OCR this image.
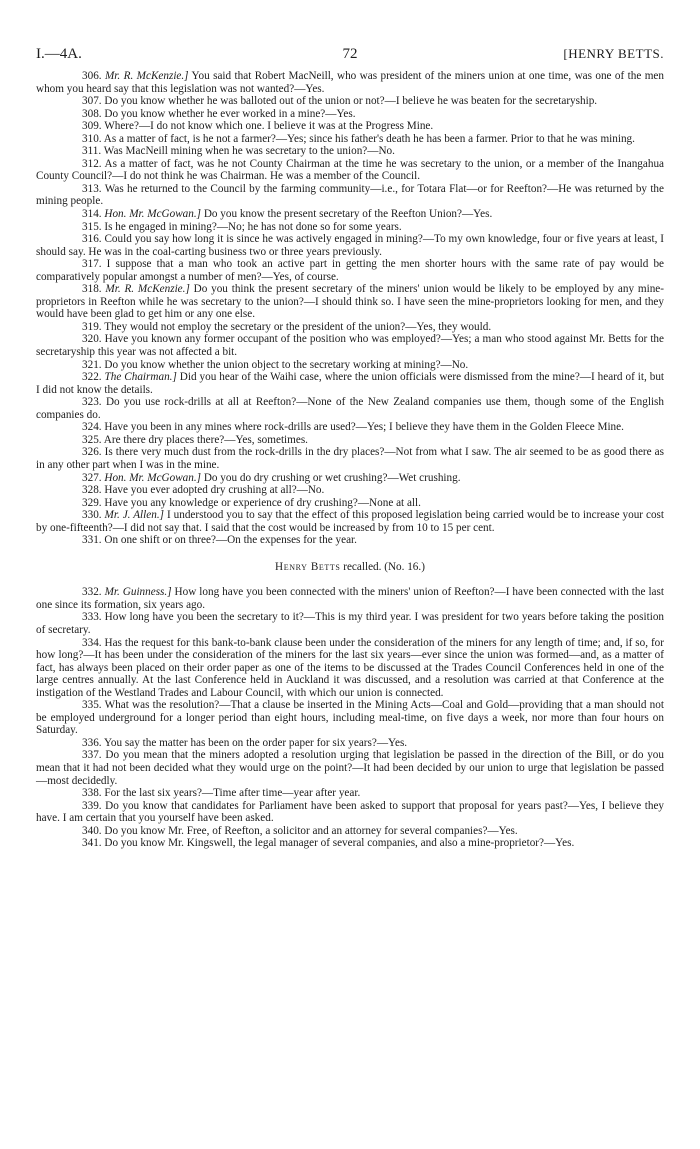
I.—4A.	72	[HENRY BETTS.

306. Mr. R. McKenzie.] You said that Robert MacNeill, who was president of the miners union at one time, was one of the men whom you heard say that this legislation was not wanted?—Yes.

307. Do you know whether he was balloted out of the union or not?—I believe he was beaten for the secretaryship.

308. Do you know whether he ever worked in a mine?—Yes.

309. Where?—I do not know which one. I believe it was at the Progress Mine.

310. As a matter of fact, is he not a farmer?—Yes; since his father's death he has been a farmer. Prior to that he was mining.

311. Was MacNeill mining when he was secretary to the union?—No.

312. As a matter of fact, was he not County Chairman at the time he was secretary to the union, or a member of the Inangahua County Council?—I do not think he was Chairman. He was a member of the Council.

313. Was he returned to the Council by the farming community—i.e., for Totara Flat—or for Reefton?—He was returned by the mining people.

314. Hon. Mr. McGowan.] Do you know the present secretary of the Reefton Union?—Yes.

315. Is he engaged in mining?—No; he has not done so for some years.

316. Could you say how long it is since he was actively engaged in mining?—To my own knowledge, four or five years at least, I should say. He was in the coal-carting business two or three years previously.

317. I suppose that a man who took an active part in getting the men shorter hours with the same rate of pay would be comparatively popular amongst a number of men?—Yes, of course.

318. Mr. R. McKenzie.] Do you think the present secretary of the miners' union would be likely to be employed by any mine-proprietors in Reefton while he was secretary to the union?—I should think so. I have seen the mine-proprietors looking for men, and they would have been glad to get him or any one else.

319. They would not employ the secretary or the president of the union?—Yes, they would.

320. Have you known any former occupant of the position who was employed?—Yes; a man who stood against Mr. Betts for the secretaryship this year was not affected a bit.

321. Do you know whether the union object to the secretary working at mining?—No.

322. The Chairman.] Did you hear of the Waihi case, where the union officials were dismissed from the mine?—I heard of it, but I did not know the details.

323. Do you use rock-drills at all at Reefton?—None of the New Zealand companies use them, though some of the English companies do.

324. Have you been in any mines where rock-drills are used?—Yes; I believe they have them in the Golden Fleece Mine.

325. Are there dry places there?—Yes, sometimes.

326. Is there very much dust from the rock-drills in the dry places?—Not from what I saw. The air seemed to be as good there as in any other part when I was in the mine.

327. Hon. Mr. McGowan.] Do you do dry crushing or wet crushing?—Wet crushing.

328. Have you ever adopted dry crushing at all?—No.

329. Have you any knowledge or experience of dry crushing?—None at all.

330. Mr. J. Allen.] I understood you to say that the effect of this proposed legislation being carried would be to increase your cost by one-fifteenth?—I did not say that. I said that the cost would be increased by from 10 to 15 per cent.

331. On one shift or on three?—On the expenses for the year.

Henry Betts recalled. (No. 16.)

332. Mr. Guinness.] How long have you been connected with the miners' union of Reefton?—I have been connected with the last one since its formation, six years ago.

333. How long have you been the secretary to it?—This is my third year. I was president for two years before taking the position of secretary.

334. Has the request for this bank-to-bank clause been under the consideration of the miners for any length of time; and, if so, for how long?—It has been under the consideration of the miners for the last six years—ever since the union was formed—and, as a matter of fact, has always been placed on their order paper as one of the items to be discussed at the Trades Council Conferences held in one of the large centres annually. At the last Conference held in Auckland it was discussed, and a resolution was carried at that Conference at the instigation of the Westland Trades and Labour Council, with which our union is connected.

335. What was the resolution?—That a clause be inserted in the Mining Acts—Coal and Gold—providing that a man should not be employed underground for a longer period than eight hours, including meal-time, on five days a week, nor more than four hours on Saturday.

336. You say the matter has been on the order paper for six years?—Yes.

337. Do you mean that the miners adopted a resolution urging that legislation be passed in the direction of the Bill, or do you mean that it had not been decided what they would urge on the point?—It had been decided by our union to urge that legislation be passed—most decidedly.

338. For the last six years?—Time after time—year after year.

339. Do you know that candidates for Parliament have been asked to support that proposal for years past?—Yes, I believe they have. I am certain that you yourself have been asked.

340. Do you know Mr. Free, of Reefton, a solicitor and an attorney for several companies?—Yes.

341. Do you know Mr. Kingswell, the legal manager of several companies, and also a mine-proprietor?—Yes.
